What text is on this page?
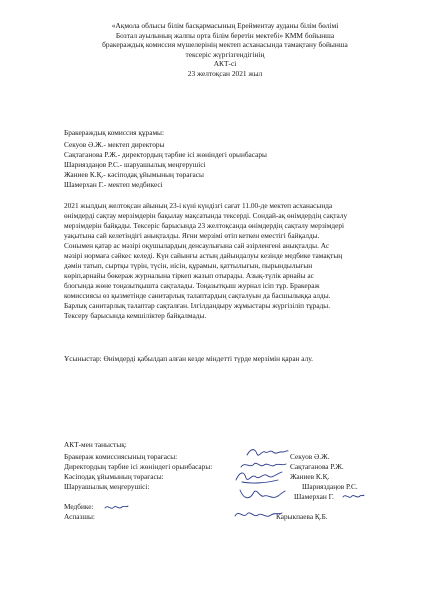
«Ақмола облысы білім басқармасының Ерейментау ауданы білім бөлімі
Бозтал ауылының жалпы орта білім беретін мектебі» КММ бойынша
бракераждық комиссия мүшелерінің мектеп асханасында тамақтану бойынша
тексеріс жүргізгендігінің
АКТ-сі
23 желтоқсан 2021 жыл
Бракераждық комиссия құрамы:
Секуов Ә.Ж.- мектеп директоры
Сақтаганова Р.Ж.- директордың тәрбие ісі жөніндегі орынбасары
Шарияздаңов Р.С.- шаруашылық меңгерушісі
Жаниев К.Қ.- кәсіподақ ұйымының төрағасы
Шамерхан Г.- мектеп медбикесі
2021 жылдың желтоқсан айының 23-і күні күндізгі сағат 11.00-де мектеп асханасында
өнімдерді сақтау мерзімдерін бақылау мақсатында тексерді. Сондай-ақ өнімдердің сақталу
мерзімдерін байқады. Тексеріс барысында 23 желтоқсанда өнімдердің сақталу мерзімдері
уақытына сай келетіндігі анықталды. Яғни мерзімі өтіп кеткен еместігі байқалды.
Сонымен қатар ас мәзірі оқушылардың денсаулығына сай әзірленгені анықталды. Ас
мәзірі нормаға сәйкес келеді. Күн сайынғы астың дайындалуы кезінде медбике тамақтың
дәмін татып, сыртқы түрін, түсін, иісін, құрамын, қаттылығын, пырындылығын
көріп,арнайы бөкераж журналына тіркеп жазып отырады. Азық-түлік арнайы ас
блогында жөне тоңазытқышта сақталады. Тоңазытқыш журнал ісіп тұр. Бракераж
комиссиясы өз қызметінде санитарлық талаптардың сақталуын да басшылыққа алды.
Барлық санитарлық талаптар сақталған. Ілгілдандыру жұмыстары жүргізіліп тұрады.
Тексеру барысында кемшіліктер байқалмады.
Ұсыныстар: Өнімдерді қабылдап алған кезде міндетті түрде мерзімін қаран алу.
АКТ-мен таныстық:
Бракераж комиссиясының төрағасы:	Секуов Ә.Ж.
Директордың тәрбие ісі жөніндегі орынбасары:	Сақтаганова Р.Ж.
Кәсіподақ ұйымының төрағасы:	Жаниев К.Қ.
Шаруашылық меңгерушісі:	Шарияздаңов Р.С.
Шамерхан Г.
Медбике:
Аспазшы:	Карыкпаева Қ.Б.
